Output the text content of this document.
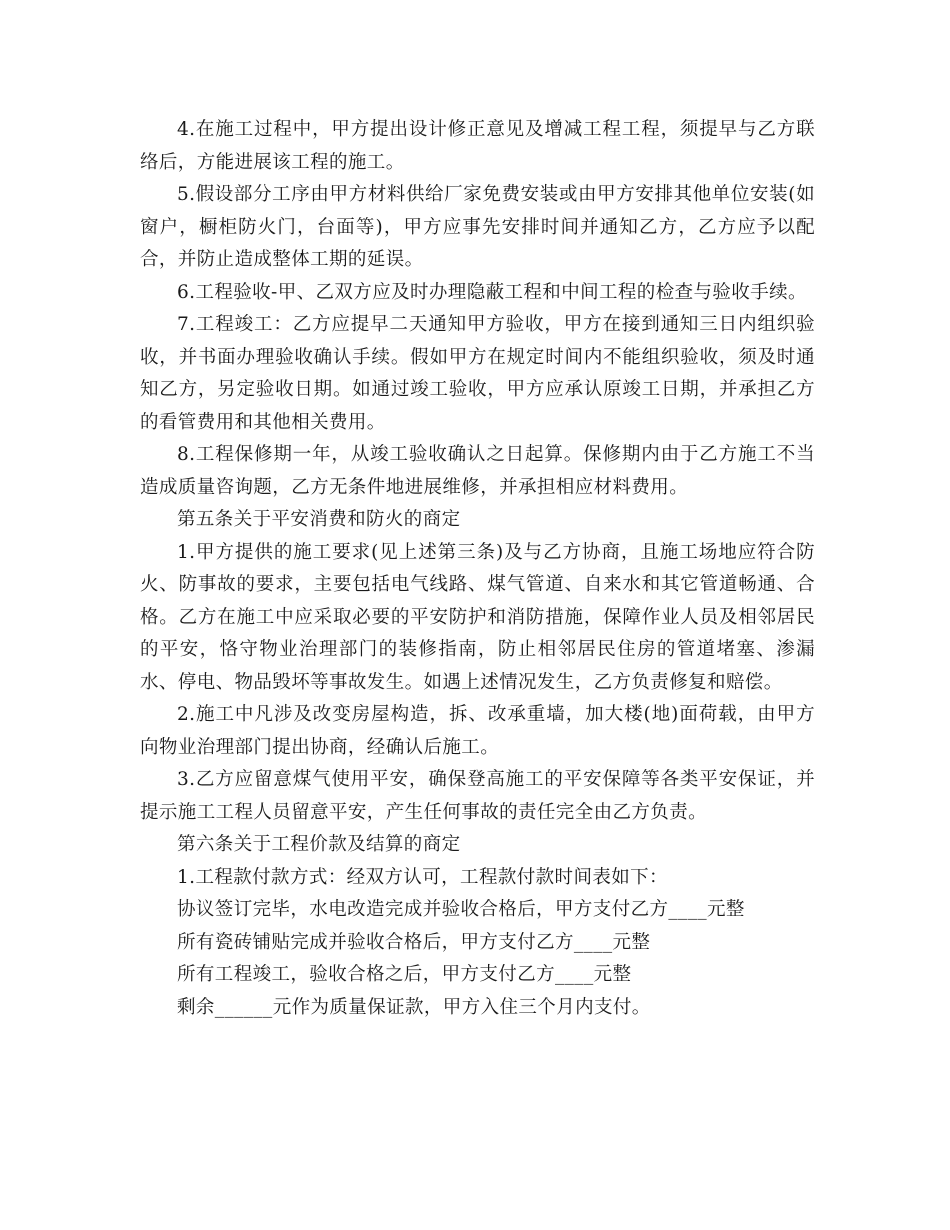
4.在施工过程中，甲方提出设计修正意见及增减工程工程，须提早与乙方联络后，方能进展该工程的施工。

5.假设部分工序由甲方材料供给厂家免费安装或由甲方安排其他单位安装(如窗户，橱柜防火门，台面等)，甲方应事先安排时间并通知乙方，乙方应予以配合，并防止造成整体工期的延误。

6.工程验收-甲、乙双方应及时办理隐蔽工程和中间工程的检查与验收手续。

7.工程竣工：乙方应提早二天通知甲方验收，甲方在接到通知三日内组织验收，并书面办理验收确认手续。假如甲方在规定时间内不能组织验收，须及时通知乙方，另定验收日期。如通过竣工验收，甲方应承认原竣工日期，并承担乙方的看管费用和其他相关费用。

8.工程保修期一年，从竣工验收确认之日起算。保修期内由于乙方施工不当造成质量咨询题，乙方无条件地进展维修，并承担相应材料费用。

第五条关于平安消费和防火的商定

1.甲方提供的施工要求(见上述第三条)及与乙方协商，且施工场地应符合防火、防事故的要求，主要包括电气线路、煤气管道、自来水和其它管道畅通、合格。乙方在施工中应采取必要的平安防护和消防措施，保障作业人员及相邻居民的平安，恪守物业治理部门的装修指南，防止相邻居民住房的管道堵塞、渗漏水、停电、物品毁坏等事故发生。如遇上述情况发生，乙方负责修复和赔偿。

2.施工中凡涉及改变房屋构造，拆、改承重墙，加大楼(地)面荷载，由甲方向物业治理部门提出协商，经确认后施工。

3.乙方应留意煤气使用平安，确保登高施工的平安保障等各类平安保证，并提示施工工程人员留意平安，产生任何事故的责任完全由乙方负责。

第六条关于工程价款及结算的商定

1.工程款付款方式：经双方认可，工程款付款时间表如下：

协议签订完毕，水电改造完成并验收合格后，甲方支付乙方____元整

所有瓷砖铺贴完成并验收合格后，甲方支付乙方____元整

所有工程竣工，验收合格之后，甲方支付乙方____元整

剩余______元作为质量保证款，甲方入住三个月内支付。
